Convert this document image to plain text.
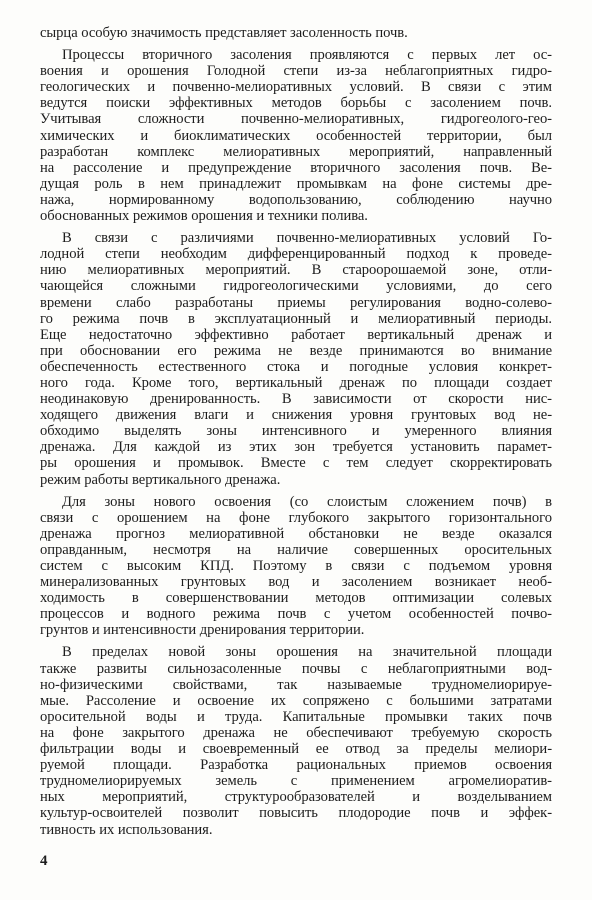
сырца особую значимость представляет засоленность почв.
Процессы вторичного засоления проявляются с первых лет ос-
воения и орошения Голодной степи из-за неблагоприятных гидро-
геологических и почвенно-мелиоративных условий. В связи с этим
ведутся поиски эффективных методов борьбы с засолением почв.
Учитывая сложности почвенно-мелиоративных, гидрогеолого-гео-
химических и биоклиматических особенностей территории, был
разработан комплекс мелиоративных мероприятий, направленный
на рассоление и предупреждение вторичного засоления почв. Ве-
дущая роль в нем принадлежит промывкам на фоне системы дре-
нажа, нормированному водопользованию, соблюдению научно
обоснованных режимов орошения и техники полива.
В связи с различиями почвенно-мелиоративных условий Го-
лодной степи необходим дифференцированный подход к проведе-
нию мелиоративных мероприятий. В староорошаемой зоне, отли-
чающейся сложными гидрогеологическими условиями, до сего
времени слабо разработаны приемы регулирования водно-солево-
го режима почв в эксплуатационный и мелиоративный периоды.
Еще недостаточно эффективно работает вертикальный дренаж и
при обосновании его режима не везде принимаются во внимание
обеспеченность естественного стока и погодные условия конкрет-
ного года. Кроме того, вертикальный дренаж по площади создает
неодинаковую дренированность. В зависимости от скорости нис-
ходящего движения влаги и снижения уровня грунтовых вод не-
обходимо выделять зоны интенсивного и умеренного влияния
дренажа. Для каждой из этих зон требуется установить парамет-
ры орошения и промывок. Вместе с тем следует скорректировать
режим работы вертикального дренажа.
Для зоны нового освоения (со слоистым сложением почв) в
связи с орошением на фоне глубокого закрытого горизонтального
дренажа прогноз мелиоративной обстановки не везде оказался
оправданным, несмотря на наличие совершенных оросительных
систем с высоким КПД. Поэтому в связи с подъемом уровня
минерализованных грунтовых вод и засолением возникает необ-
ходимость в совершенствовании методов оптимизации солевых
процессов и водного режима почв с учетом особенностей почво-
грунтов и интенсивности дренирования территории.
В пределах новой зоны орошения на значительной площади
также развиты сильнозасоленные почвы с неблагоприятными вод-
но-физическими свойствами, так называемые трудномелиорируе-
мые. Рассоление и освоение их сопряжено с большими затратами
оросительной воды и труда. Капитальные промывки таких почв
на фоне закрытого дренажа не обеспечивают требуемую скорость
фильтрации воды и своевременный ее отвод за пределы мелиори-
руемой площади. Разработка рациональных приемов освоения
трудномелиорируемых земель с применением агромелиоратив-
ных мероприятий, структурообразователей и возделыванием
культур-освоителей позволит повысить плодородие почв и эффек-
тивность их использования.
4
